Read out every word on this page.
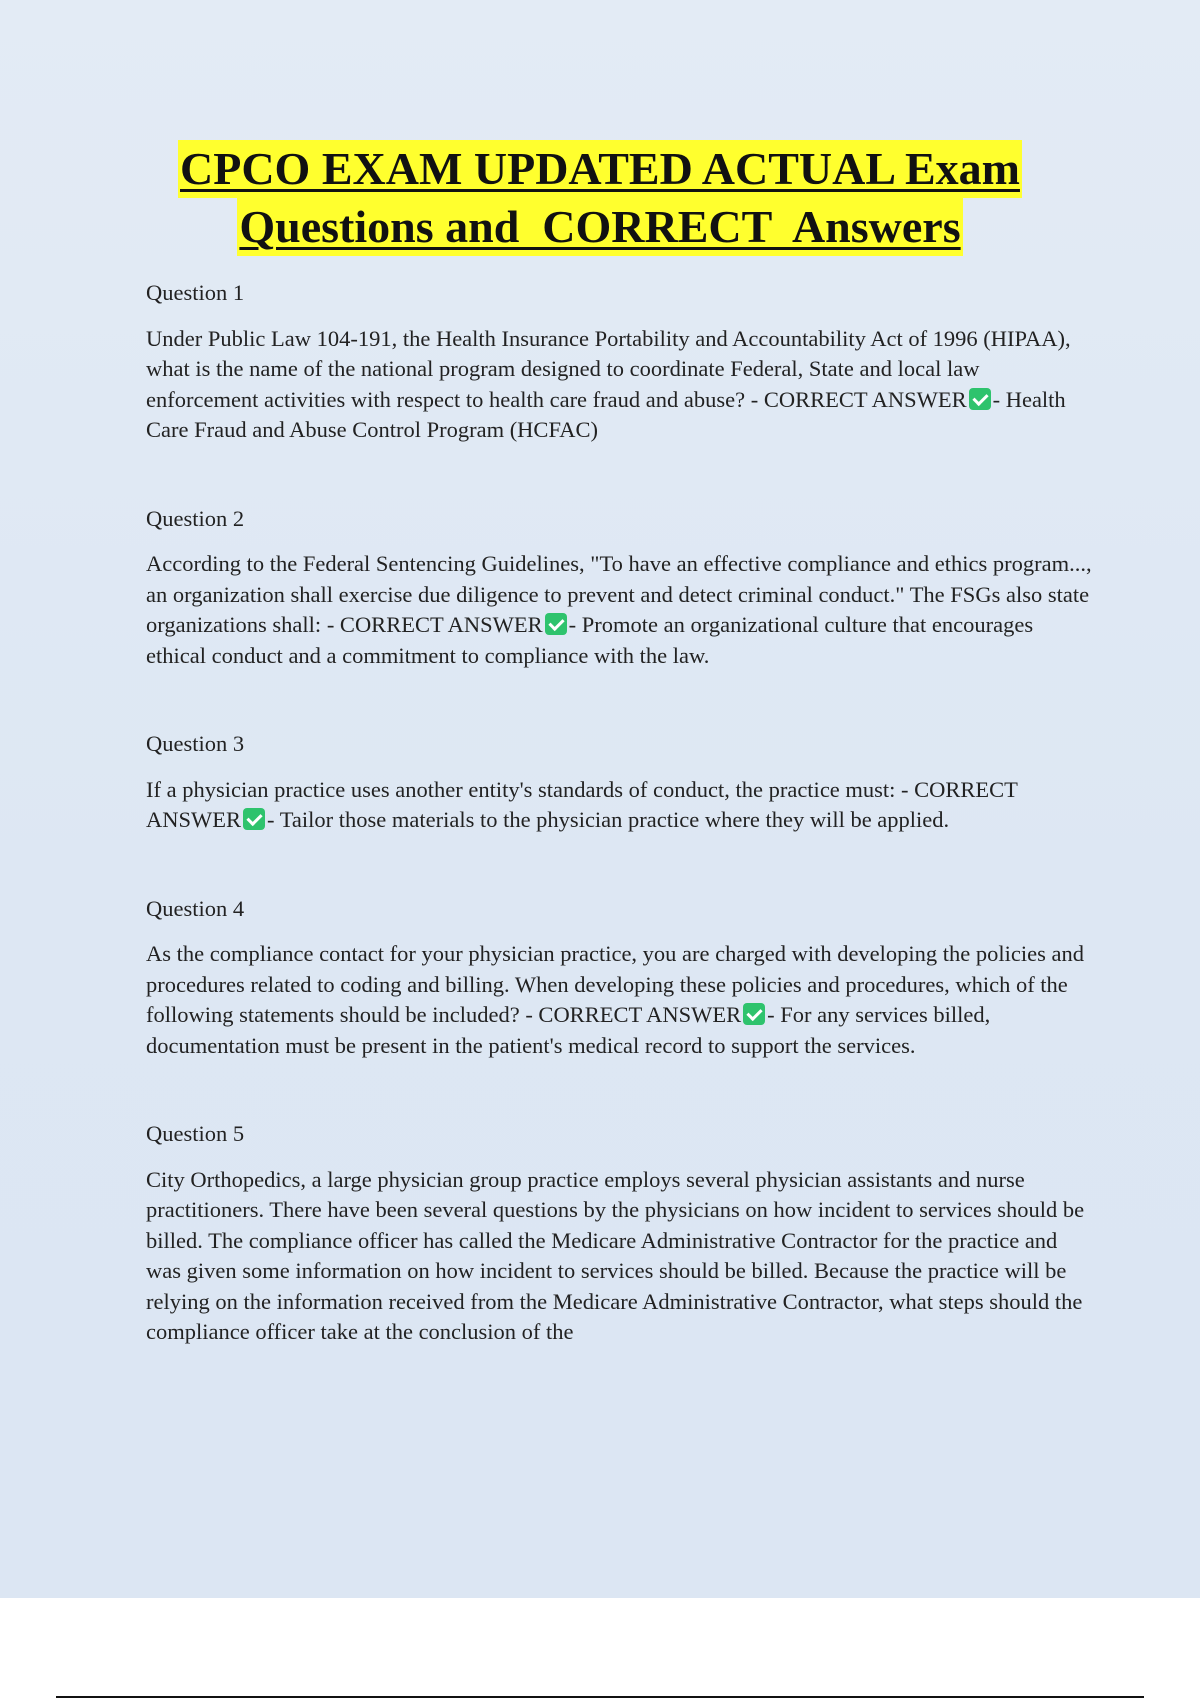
CPCO EXAM UPDATED ACTUAL Exam
Questions and  CORRECT  Answers

Question 1

Under Public Law 104-191, the Health Insurance Portability and Accountability Act of 1996 (HIPAA), what is the name of the national program designed to coordinate Federal, State and local law enforcement activities with respect to health care fraud and abuse? - CORRECT ANSWER - Health Care Fraud and Abuse Control Program (HCFAC)

Question 2

According to the Federal Sentencing Guidelines, "To have an effective compliance and ethics program..., an organization shall exercise due diligence to prevent and detect criminal conduct." The FSGs also state organizations shall: - CORRECT ANSWER - Promote an organizational culture that encourages ethical conduct and a commitment to compliance with the law.

Question 3

If a physician practice uses another entity's standards of conduct, the practice must: - CORRECT ANSWER - Tailor those materials to the physician practice where they will be applied.

Question 4

As the compliance contact for your physician practice, you are charged with developing the policies and procedures related to coding and billing. When developing these policies and procedures, which of the following statements should be included? - CORRECT ANSWER - For any services billed, documentation must be present in the patient's medical record to support the services.

Question 5

City Orthopedics, a large physician group practice employs several physician assistants and nurse practitioners. There have been several questions by the physicians on how incident to services should be billed. The compliance officer has called the Medicare Administrative Contractor for the practice and was given some information on how incident to services should be billed. Because the practice will be relying on the information received from the Medicare Administrative Contractor, what steps should the compliance officer take at the conclusion of the
